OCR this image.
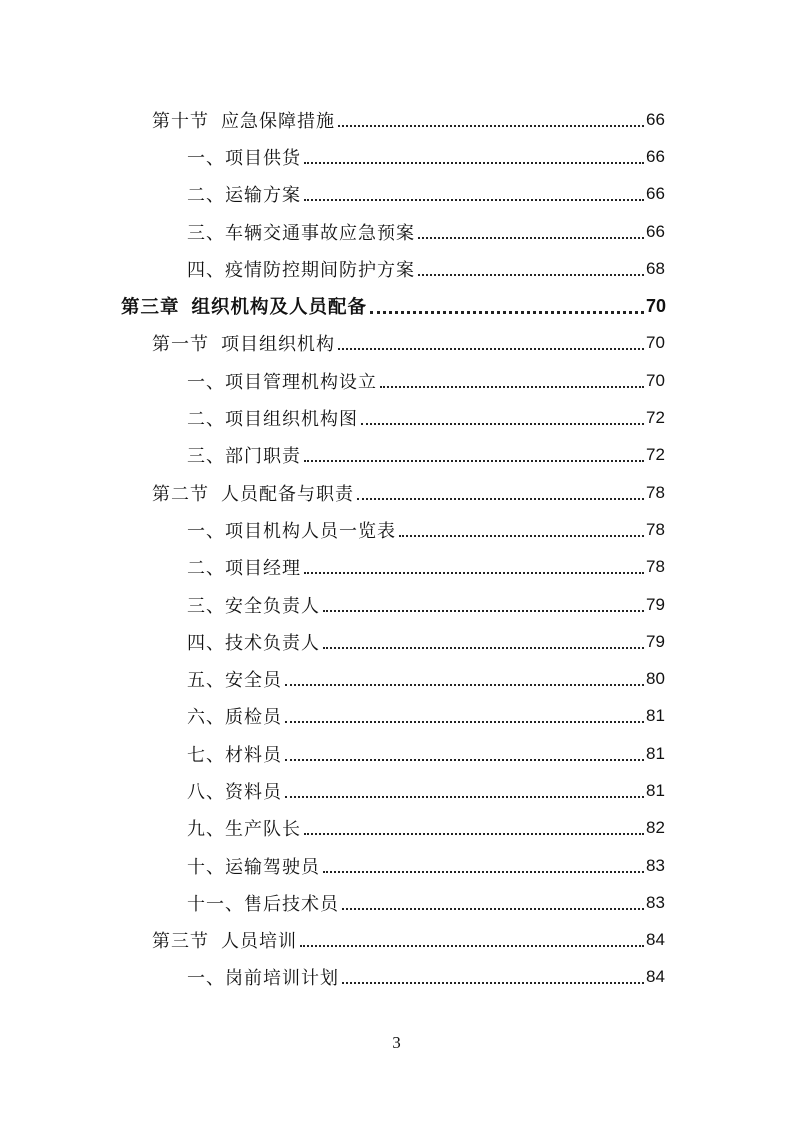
第十节 应急保障措施	66
一、项目供货	66
二、运输方案	66
三、车辆交通事故应急预案	66
四、疫情防控期间防护方案	68
第三章 组织机构及人员配备	70
第一节 项目组织机构	70
一、项目管理机构设立	70
二、项目组织机构图	72
三、部门职责	72
第二节 人员配备与职责	78
一、项目机构人员一览表	78
二、项目经理	78
三、安全负责人	79
四、技术负责人	79
五、安全员	80
六、质检员	81
七、材料员	81
八、资料员	81
九、生产队长	82
十、运输驾驶员	83
十一、售后技术员	83
第三节 人员培训	84
一、岗前培训计划	84
3
